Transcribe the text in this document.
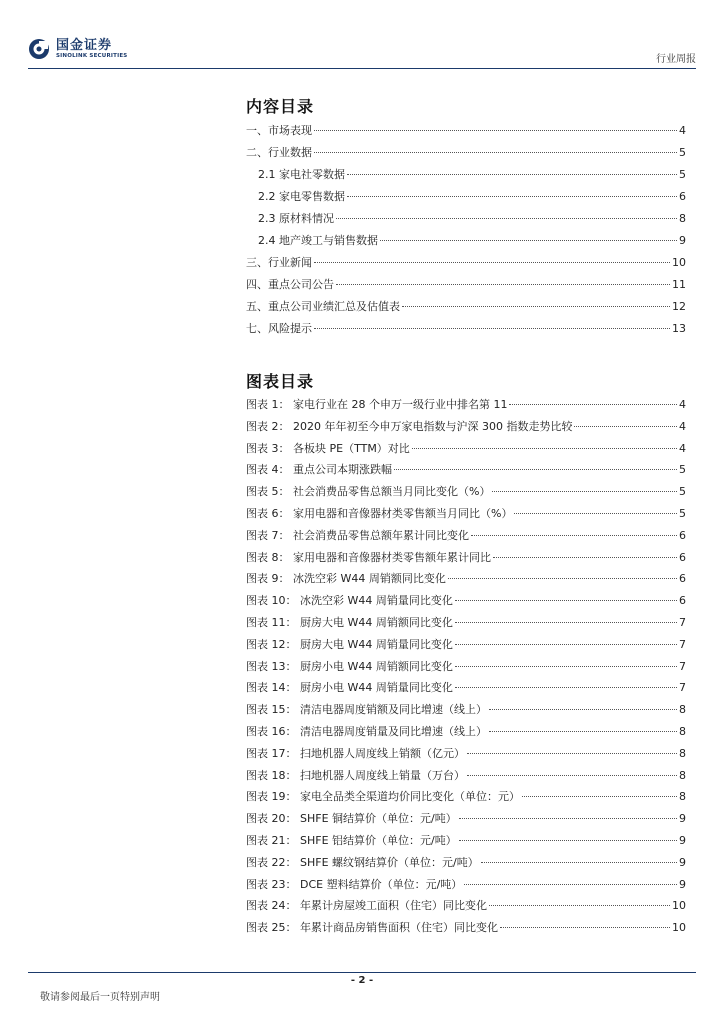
国金证券
SINOLINK SECURITIES	行业周报
内容目录
一、市场表现	4
二、行业数据	5
2.1 家电社零数据	5
2.2 家电零售数据	6
2.3 原材料情况	8
2.4 地产竣工与销售数据	9
三、行业新闻	10
四、重点公司公告	11
五、重点公司业绩汇总及估值表	12
七、风险提示	13
图表目录
图表 1： 家电行业在 28 个申万一级行业中排名第 11	4
图表 2： 2020 年年初至今申万家电指数与沪深 300 指数走势比较	4
图表 3： 各板块 PE（TTM）对比	4
图表 4： 重点公司本期涨跌幅	5
图表 5： 社会消费品零售总额当月同比变化（%）	5
图表 6： 家用电器和音像器材类零售额当月同比（%）	5
图表 7： 社会消费品零售总额年累计同比变化	6
图表 8： 家用电器和音像器材类零售额年累计同比	6
图表 9： 冰洗空彩 W44 周销额同比变化	6
图表 10： 冰洗空彩 W44 周销量同比变化	6
图表 11： 厨房大电 W44 周销额同比变化	7
图表 12： 厨房大电 W44 周销量同比变化	7
图表 13： 厨房小电 W44 周销额同比变化	7
图表 14： 厨房小电 W44 周销量同比变化	7
图表 15： 清洁电器周度销额及同比增速（线上）	8
图表 16： 清洁电器周度销量及同比增速（线上）	8
图表 17： 扫地机器人周度线上销额（亿元）	8
图表 18： 扫地机器人周度线上销量（万台）	8
图表 19： 家电全品类全渠道均价同比变化（单位：元）	8
图表 20： SHFE 铜结算价（单位：元/吨）	9
图表 21： SHFE 铝结算价（单位：元/吨）	9
图表 22： SHFE 螺纹钢结算价（单位：元/吨）	9
图表 23： DCE 塑料结算价（单位：元/吨）	9
图表 24： 年累计房屋竣工面积（住宅）同比变化	10
图表 25： 年累计商品房销售面积（住宅）同比变化	10
- 2 -
敬请参阅最后一页特别声明
